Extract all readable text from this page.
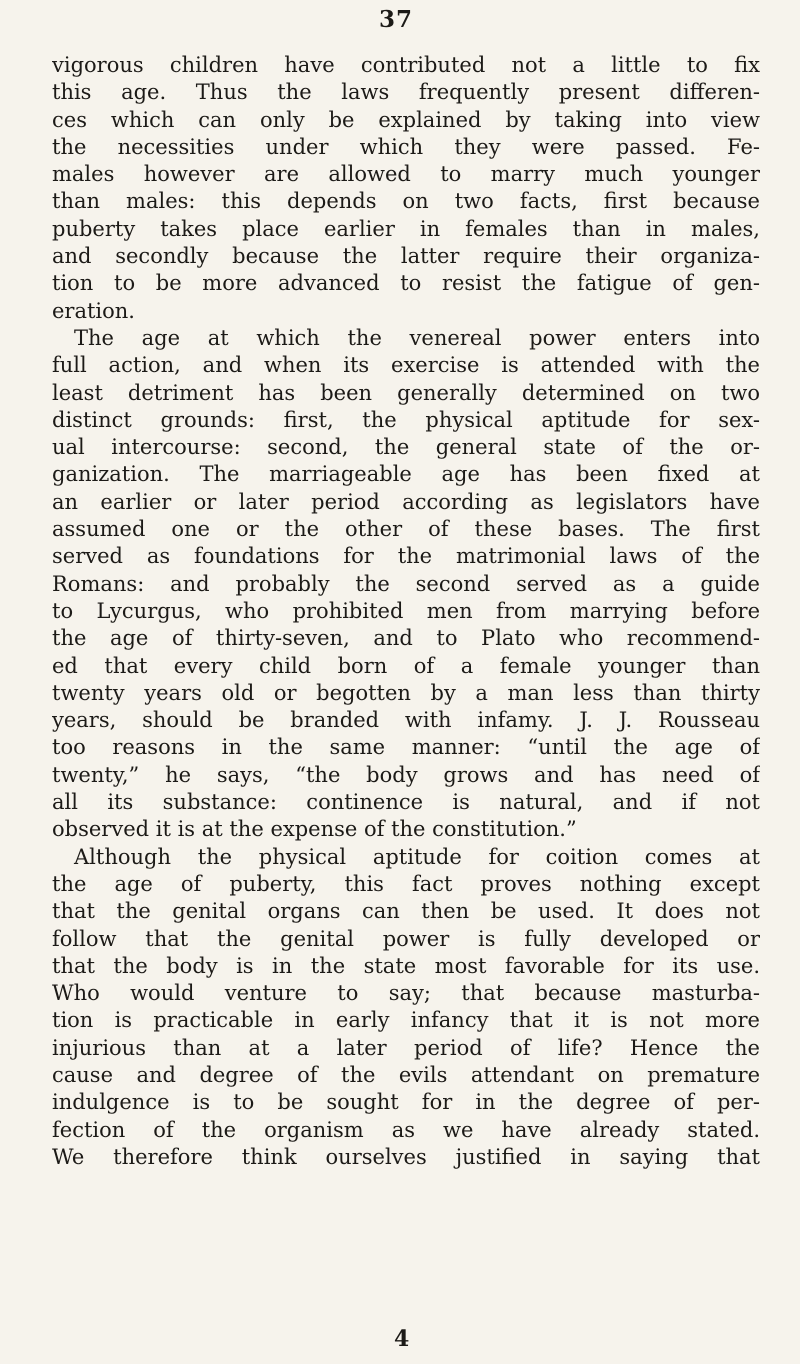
37
vigorous children have contributed not a little to fix
this age. Thus the laws frequently present differen-
ces which can only be explained by taking into view
the necessities under which they were passed. Fe-
males however are allowed to marry much younger
than males: this depends on two facts, first because
puberty takes place earlier in females than in males,
and secondly because the latter require their organiza-
tion to be more advanced to resist the fatigue of gen-
eration.
The age at which the venereal power enters into
full action, and when its exercise is attended with the
least detriment has been generally determined on two
distinct grounds: first, the physical aptitude for sex-
ual intercourse: second, the general state of the or-
ganization. The marriageable age has been fixed at
an earlier or later period according as legislators have
assumed one or the other of these bases. The first
served as foundations for the matrimonial laws of the
Romans: and probably the second served as a guide
to Lycurgus, who prohibited men from marrying before
the age of thirty-seven, and to Plato who recommend-
ed that every child born of a female younger than
twenty years old or begotten by a man less than thirty
years, should be branded with infamy. J. J. Rousseau
too reasons in the same manner: “until the age of
twenty,” he says, “the body grows and has need of
all its substance: continence is natural, and if not
observed it is at the expense of the constitution.”
Although the physical aptitude for coition comes at
the age of puberty, this fact proves nothing except
that the genital organs can then be used. It does not
follow that the genital power is fully developed or
that the body is in the state most favorable for its use.
Who would venture to say; that because masturba-
tion is practicable in early infancy that it is not more
injurious than at a later period of life? Hence the
cause and degree of the evils attendant on premature
indulgence is to be sought for in the degree of per-
fection of the organism as we have already stated.
We therefore think ourselves justified in saying that
4
